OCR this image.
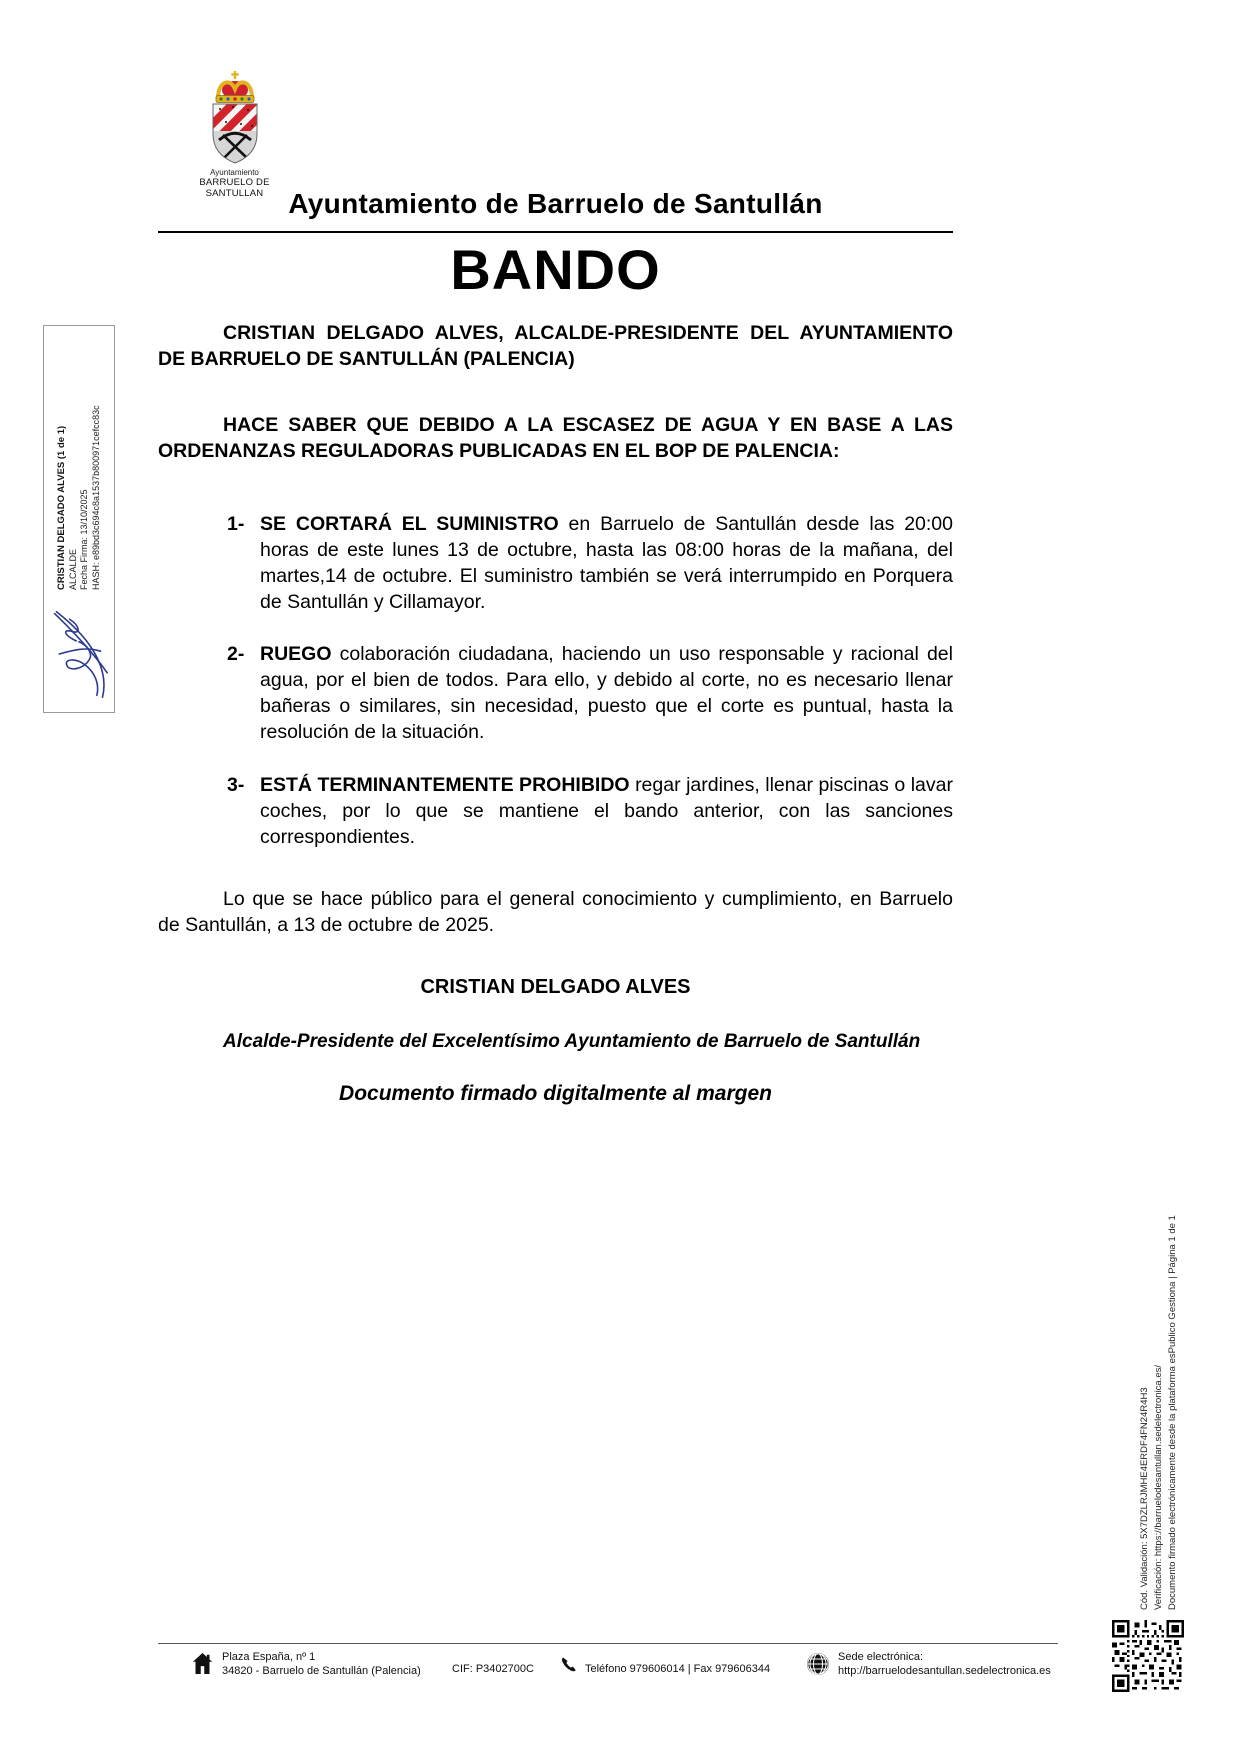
Ayuntamiento
BARRUELO DE SANTULLAN Ayuntamiento de Barruelo de Santullán
BANDO

CRISTIAN DELGADO ALVES, ALCALDE-PRESIDENTE DEL AYUNTAMIENTO DE BARRUELO DE SANTULLÁN (PALENCIA)

HACE SABER QUE DEBIDO A LA ESCASEZ DE AGUA Y EN BASE A LAS ORDENANZAS REGULADORAS PUBLICADAS EN EL BOP DE PALENCIA:

1- SE CORTARÁ EL SUMINISTRO en Barruelo de Santullán desde las 20:00 horas de este lunes 13 de octubre, hasta las 08:00 horas de la mañana, del martes,14 de octubre. El suministro también se verá interrumpido en Porquera de Santullán y Cillamayor.
2- RUEGO colaboración ciudadana, haciendo un uso responsable y racional del agua, por el bien de todos. Para ello, y debido al corte, no es necesario llenar bañeras o similares, sin necesidad, puesto que el corte es puntual, hasta la resolución de la situación.
3- ESTÁ TERMINANTEMENTE PROHIBIDO regar jardines, llenar piscinas o lavar coches, por lo que se mantiene el bando anterior, con las sanciones correspondientes.

Lo que se hace público para el general conocimiento y cumplimiento, en Barruelo de Santullán, a 13 de octubre de 2025.

CRISTIAN DELGADO ALVES

Alcalde-Presidente del Excelentísimo Ayuntamiento de Barruelo de Santullán

Documento firmado digitalmente al margen
CRISTIAN DELGADO ALVES (1 de 1) ALCALDE Fecha Firma: 13/10/2025 HASH: e89bd3c694c8a1537b800971cefcc83c
Cód. Validación: 5X7DZLRJMHE4ERDF4FN24R4H3 Verificación: https://barruelodesantullan.sedelectronica.es/ Documento firmado electrónicamente desde la plataforma esPublico Gestiona | Página 1 de 1
Plaza España, nº 1
34820 - Barruelo de Santullán (Palencia)	CIF: P3402700C	Teléfono 979606014 | Fax 979606344
Sede electrónica:
http://barruelodesantullan.sedelectronica.es
